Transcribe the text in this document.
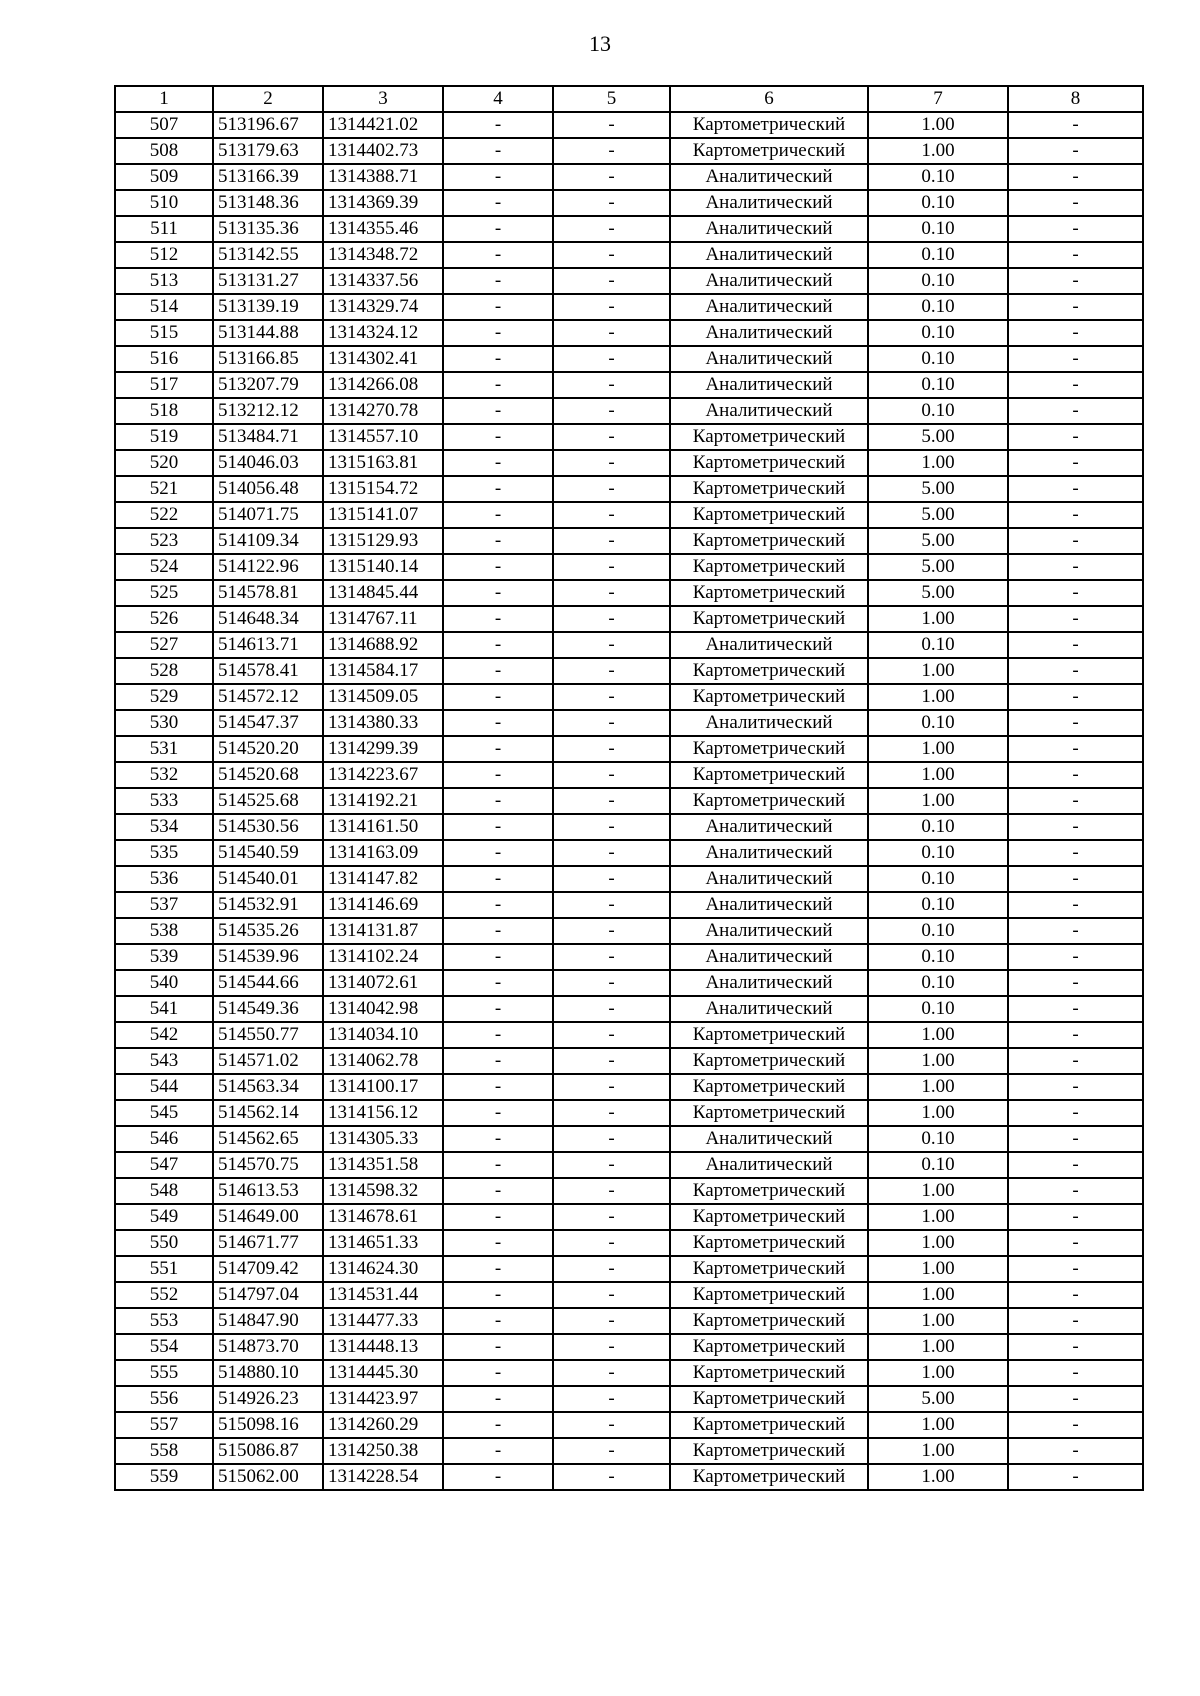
13
1	2	3	4	5	6	7	8
507	513196.67	1314421.02	-	-	Картометрический	1.00	-
508	513179.63	1314402.73	-	-	Картометрический	1.00	-
509	513166.39	1314388.71	-	-	Аналитический	0.10	-
510	513148.36	1314369.39	-	-	Аналитический	0.10	-
511	513135.36	1314355.46	-	-	Аналитический	0.10	-
512	513142.55	1314348.72	-	-	Аналитический	0.10	-
513	513131.27	1314337.56	-	-	Аналитический	0.10	-
514	513139.19	1314329.74	-	-	Аналитический	0.10	-
515	513144.88	1314324.12	-	-	Аналитический	0.10	-
516	513166.85	1314302.41	-	-	Аналитический	0.10	-
517	513207.79	1314266.08	-	-	Аналитический	0.10	-
518	513212.12	1314270.78	-	-	Аналитический	0.10	-
519	513484.71	1314557.10	-	-	Картометрический	5.00	-
520	514046.03	1315163.81	-	-	Картометрический	1.00	-
521	514056.48	1315154.72	-	-	Картометрический	5.00	-
522	514071.75	1315141.07	-	-	Картометрический	5.00	-
523	514109.34	1315129.93	-	-	Картометрический	5.00	-
524	514122.96	1315140.14	-	-	Картометрический	5.00	-
525	514578.81	1314845.44	-	-	Картометрический	5.00	-
526	514648.34	1314767.11	-	-	Картометрический	1.00	-
527	514613.71	1314688.92	-	-	Аналитический	0.10	-
528	514578.41	1314584.17	-	-	Картометрический	1.00	-
529	514572.12	1314509.05	-	-	Картометрический	1.00	-
530	514547.37	1314380.33	-	-	Аналитический	0.10	-
531	514520.20	1314299.39	-	-	Картометрический	1.00	-
532	514520.68	1314223.67	-	-	Картометрический	1.00	-
533	514525.68	1314192.21	-	-	Картометрический	1.00	-
534	514530.56	1314161.50	-	-	Аналитический	0.10	-
535	514540.59	1314163.09	-	-	Аналитический	0.10	-
536	514540.01	1314147.82	-	-	Аналитический	0.10	-
537	514532.91	1314146.69	-	-	Аналитический	0.10	-
538	514535.26	1314131.87	-	-	Аналитический	0.10	-
539	514539.96	1314102.24	-	-	Аналитический	0.10	-
540	514544.66	1314072.61	-	-	Аналитический	0.10	-
541	514549.36	1314042.98	-	-	Аналитический	0.10	-
542	514550.77	1314034.10	-	-	Картометрический	1.00	-
543	514571.02	1314062.78	-	-	Картометрический	1.00	-
544	514563.34	1314100.17	-	-	Картометрический	1.00	-
545	514562.14	1314156.12	-	-	Картометрический	1.00	-
546	514562.65	1314305.33	-	-	Аналитический	0.10	-
547	514570.75	1314351.58	-	-	Аналитический	0.10	-
548	514613.53	1314598.32	-	-	Картометрический	1.00	-
549	514649.00	1314678.61	-	-	Картометрический	1.00	-
550	514671.77	1314651.33	-	-	Картометрический	1.00	-
551	514709.42	1314624.30	-	-	Картометрический	1.00	-
552	514797.04	1314531.44	-	-	Картометрический	1.00	-
553	514847.90	1314477.33	-	-	Картометрический	1.00	-
554	514873.70	1314448.13	-	-	Картометрический	1.00	-
555	514880.10	1314445.30	-	-	Картометрический	1.00	-
556	514926.23	1314423.97	-	-	Картометрический	5.00	-
557	515098.16	1314260.29	-	-	Картометрический	1.00	-
558	515086.87	1314250.38	-	-	Картометрический	1.00	-
559	515062.00	1314228.54	-	-	Картометрический	1.00	-
